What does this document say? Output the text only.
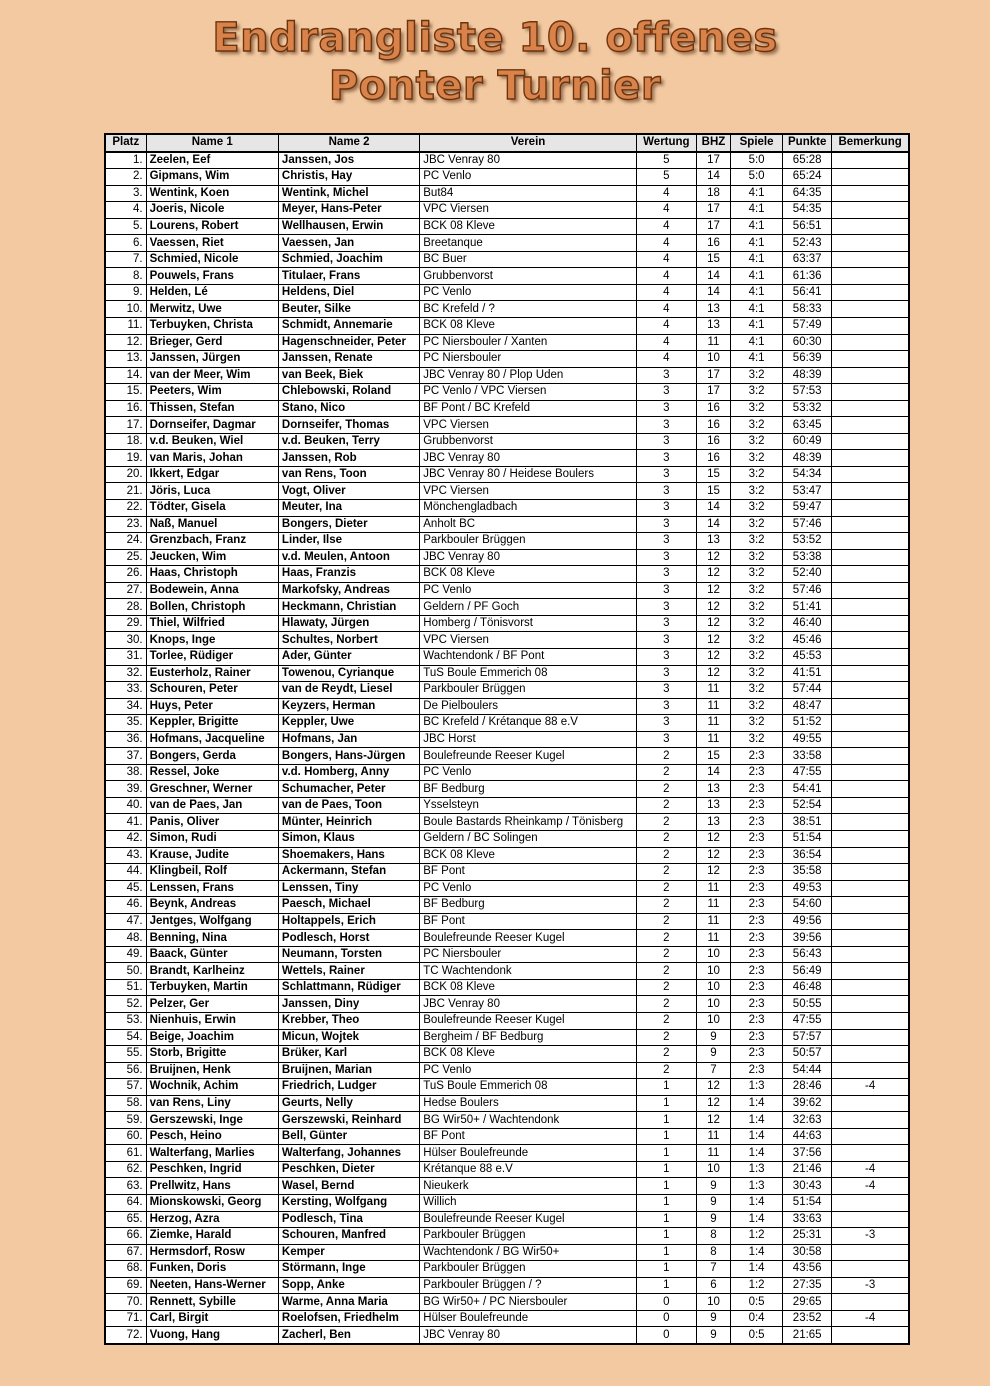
Endrangliste 10. offenes
Ponter Turnier
Platz	Name 1	Name 2	Verein	Wertung	BHZ	Spiele	Punkte	Bemerkung
1.	Zeelen, Eef	Janssen, Jos	JBC Venray 80	5	17	5:0	65:28	
2.	Gipmans, Wim	Christis, Hay	PC Venlo	5	14	5:0	65:24	
3.	Wentink, Koen	Wentink, Michel	But84	4	18	4:1	64:35	
4.	Joeris, Nicole	Meyer, Hans-Peter	VPC Viersen	4	17	4:1	54:35	
5.	Lourens, Robert	Wellhausen, Erwin	BCK 08 Kleve	4	17	4:1	56:51	
6.	Vaessen, Riet	Vaessen, Jan	Breetanque	4	16	4:1	52:43	
7.	Schmied, Nicole	Schmied, Joachim	BC Buer	4	15	4:1	63:37	
8.	Pouwels, Frans	Titulaer, Frans	Grubbenvorst	4	14	4:1	61:36	
9.	Helden, Lé	Heldens, Diel	PC Venlo	4	14	4:1	56:41	
10.	Merwitz, Uwe	Beuter, Silke	BC Krefeld / ?	4	13	4:1	58:33	
11.	Terbuyken, Christa	Schmidt, Annemarie	BCK 08 Kleve	4	13	4:1	57:49	
12.	Brieger, Gerd	Hagenschneider, Peter	PC Niersbouler / Xanten	4	11	4:1	60:30	
13.	Janssen, Jürgen	Janssen, Renate	PC Niersbouler	4	10	4:1	56:39	
14.	van der Meer, Wim	van Beek, Biek	JBC Venray 80 / Plop Uden	3	17	3:2	48:39	
15.	Peeters, Wim	Chlebowski, Roland	PC Venlo / VPC Viersen	3	17	3:2	57:53	
16.	Thissen, Stefan	Stano, Nico	BF Pont / BC Krefeld	3	16	3:2	53:32	
17.	Dornseifer, Dagmar	Dornseifer, Thomas	VPC Viersen	3	16	3:2	63:45	
18.	v.d. Beuken, Wiel	v.d. Beuken, Terry	Grubbenvorst	3	16	3:2	60:49	
19.	van Maris, Johan	Janssen, Rob	JBC Venray 80	3	16	3:2	48:39	
20.	Ikkert, Edgar	van Rens, Toon	JBC Venray 80 / Heidese Boulers	3	15	3:2	54:34	
21.	Jöris, Luca	Vogt, Oliver	VPC Viersen	3	15	3:2	53:47	
22.	Tödter, Gisela	Meuter, Ina	Mönchengladbach	3	14	3:2	59:47	
23.	Naß, Manuel	Bongers, Dieter	Anholt BC	3	14	3:2	57:46	
24.	Grenzbach, Franz	Linder, Ilse	Parkbouler Brüggen	3	13	3:2	53:52	
25.	Jeucken, Wim	v.d. Meulen, Antoon	JBC Venray 80	3	12	3:2	53:38	
26.	Haas, Christoph	Haas, Franzis	BCK 08 Kleve	3	12	3:2	52:40	
27.	Bodewein, Anna	Markofsky, Andreas	PC Venlo	3	12	3:2	57:46	
28.	Bollen, Christoph	Heckmann, Christian	Geldern / PF Goch	3	12	3:2	51:41	
29.	Thiel, Wilfried	Hlawaty, Jürgen	Homberg / Tönisvorst	3	12	3:2	46:40	
30.	Knops, Inge	Schultes, Norbert	VPC Viersen	3	12	3:2	45:46	
31.	Torlee, Rüdiger	Ader, Günter	Wachtendonk / BF Pont	3	12	3:2	45:53	
32.	Eusterholz, Rainer	Towenou, Cyrianque	TuS Boule Emmerich 08	3	12	3:2	41:51	
33.	Schouren, Peter	van de Reydt, Liesel	Parkbouler Brüggen	3	11	3:2	57:44	
34.	Huys, Peter	Keyzers, Herman	De Pielboulers	3	11	3:2	48:47	
35.	Keppler, Brigitte	Keppler, Uwe	BC Krefeld / Krétanque 88 e.V	3	11	3:2	51:52	
36.	Hofmans, Jacqueline	Hofmans, Jan	JBC Horst	3	11	3:2	49:55	
37.	Bongers, Gerda	Bongers, Hans-Jürgen	Boulefreunde Reeser Kugel	2	15	2:3	33:58	
38.	Ressel, Joke	v.d. Homberg, Anny	PC Venlo	2	14	2:3	47:55	
39.	Greschner, Werner	Schumacher, Peter	BF Bedburg	2	13	2:3	54:41	
40.	van de Paes, Jan	van de Paes, Toon	Ysselsteyn	2	13	2:3	52:54	
41.	Panis, Oliver	Münter, Heinrich	Boule Bastards Rheinkamp / Tönisberg	2	13	2:3	38:51	
42.	Simon, Rudi	Simon, Klaus	Geldern / BC Solingen	2	12	2:3	51:54	
43.	Krause, Judite	Shoemakers, Hans	BCK 08 Kleve	2	12	2:3	36:54	
44.	Klingbeil, Rolf	Ackermann, Stefan	BF Pont	2	12	2:3	35:58	
45.	Lenssen, Frans	Lenssen, Tiny	PC Venlo	2	11	2:3	49:53	
46.	Beynk, Andreas	Paesch, Michael	BF Bedburg	2	11	2:3	54:60	
47.	Jentges, Wolfgang	Holtappels, Erich	BF Pont	2	11	2:3	49:56	
48.	Benning, Nina	Podlesch, Horst	Boulefreunde Reeser Kugel	2	11	2:3	39:56	
49.	Baack, Günter	Neumann, Torsten	PC Niersbouler	2	10	2:3	56:43	
50.	Brandt, Karlheinz	Wettels, Rainer	TC Wachtendonk	2	10	2:3	56:49	
51.	Terbuyken, Martin	Schlattmann, Rüdiger	BCK 08 Kleve	2	10	2:3	46:48	
52.	Pelzer, Ger	Janssen, Diny	JBC Venray 80	2	10	2:3	50:55	
53.	Nienhuis, Erwin	Krebber, Theo	Boulefreunde Reeser Kugel	2	10	2:3	47:55	
54.	Beige, Joachim	Micun, Wojtek	Bergheim / BF Bedburg	2	9	2:3	57:57	
55.	Storb, Brigitte	Brüker, Karl	BCK 08 Kleve	2	9	2:3	50:57	
56.	Bruijnen, Henk	Bruijnen, Marian	PC Venlo	2	7	2:3	54:44	
57.	Wochnik, Achim	Friedrich, Ludger	TuS Boule Emmerich 08	1	12	1:3	28:46	-4
58.	van Rens, Liny	Geurts, Nelly	Hedse Boulers	1	12	1:4	39:62	
59.	Gerszewski, Inge	Gerszewski, Reinhard	BG Wir50+ / Wachtendonk	1	12	1:4	32:63	
60.	Pesch, Heino	Bell, Günter	BF Pont	1	11	1:4	44:63	
61.	Walterfang, Marlies	Walterfang, Johannes	Hülser Boulefreunde	1	11	1:4	37:56	
62.	Peschken, Ingrid	Peschken, Dieter	Krétanque 88 e.V	1	10	1:3	21:46	-4
63.	Prellwitz, Hans	Wasel, Bernd	Nieukerk	1	9	1:3	30:43	-4
64.	Mionskowski, Georg	Kersting, Wolfgang	Willich	1	9	1:4	51:54	
65.	Herzog, Azra	Podlesch, Tina	Boulefreunde Reeser Kugel	1	9	1:4	33:63	
66.	Ziemke, Harald	Schouren, Manfred	Parkbouler Brüggen	1	8	1:2	25:31	-3
67.	Hermsdorf, Rosw	Kemper	Wachtendonk / BG Wir50+	1	8	1:4	30:58	
68.	Funken, Doris	Störmann, Inge	Parkbouler Brüggen	1	7	1:4	43:56	
69.	Neeten, Hans-Werner	Sopp, Anke	Parkbouler Brüggen / ?	1	6	1:2	27:35	-3
70.	Rennett, Sybille	Warme, Anna Maria	BG Wir50+ / PC Niersbouler	0	10	0:5	29:65	
71.	Carl, Birgit	Roelofsen, Friedhelm	Hülser Boulefreunde	0	9	0:4	23:52	-4
72.	Vuong, Hang	Zacherl, Ben	JBC Venray 80	0	9	0:5	21:65	
